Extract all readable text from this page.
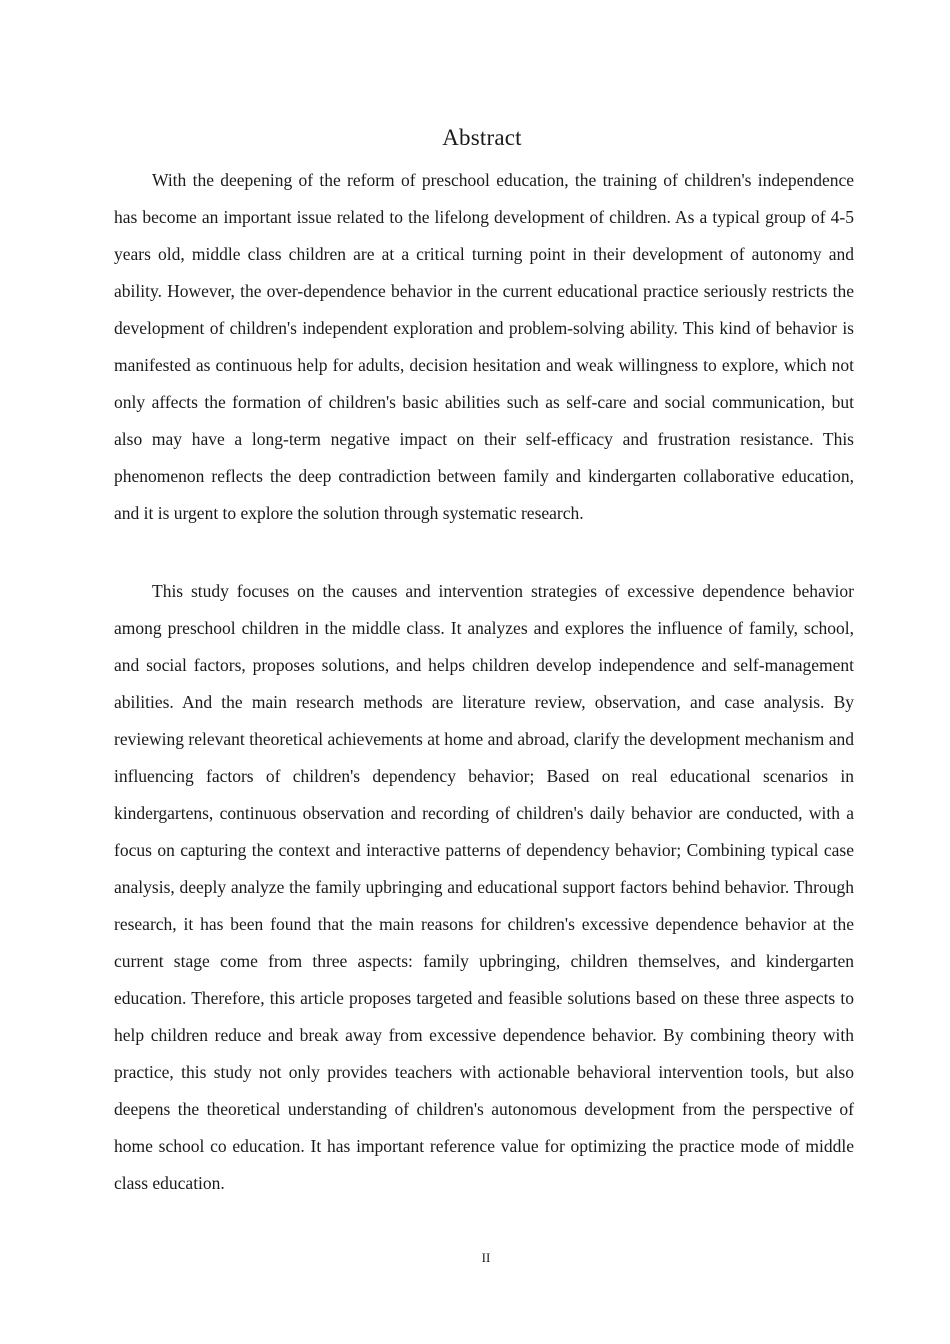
Abstract

With the deepening of the reform of preschool education, the training of children's independence has become an important issue related to the lifelong development of children. As a typical group of 4-5 years old, middle class children are at a critical turning point in their development of autonomy and ability. However, the over-dependence behavior in the current educational practice seriously restricts the development of children's independent exploration and problem-solving ability. This kind of behavior is manifested as continuous help for adults, decision hesitation and weak willingness to explore, which not only affects the formation of children's basic abilities such as self-care and social communication, but also may have a long-term negative impact on their self-efficacy and frustration resistance. This phenomenon reflects the deep contradiction between family and kindergarten collaborative education, and it is urgent to explore the solution through systematic research.

This study focuses on the causes and intervention strategies of excessive dependence behavior among preschool children in the middle class. It analyzes and explores the influence of family, school, and social factors, proposes solutions, and helps children develop independence and self-management abilities. And the main research methods are literature review, observation, and case analysis. By reviewing relevant theoretical achievements at home and abroad, clarify the development mechanism and influencing factors of children's dependency behavior; Based on real educational scenarios in kindergartens, continuous observation and recording of children's daily behavior are conducted, with a focus on capturing the context and interactive patterns of dependency behavior; Combining typical case analysis, deeply analyze the family upbringing and educational support factors behind behavior. Through research, it has been found that the main reasons for children's excessive dependence behavior at the current stage come from three aspects: family upbringing, children themselves, and kindergarten education. Therefore, this article proposes targeted and feasible solutions based on these three aspects to help children reduce and break away from excessive dependence behavior. By combining theory with practice, this study not only provides teachers with actionable behavioral intervention tools, but also deepens the theoretical understanding of children's autonomous development from the perspective of home school co education. It has important reference value for optimizing the practice mode of middle class education.

II
